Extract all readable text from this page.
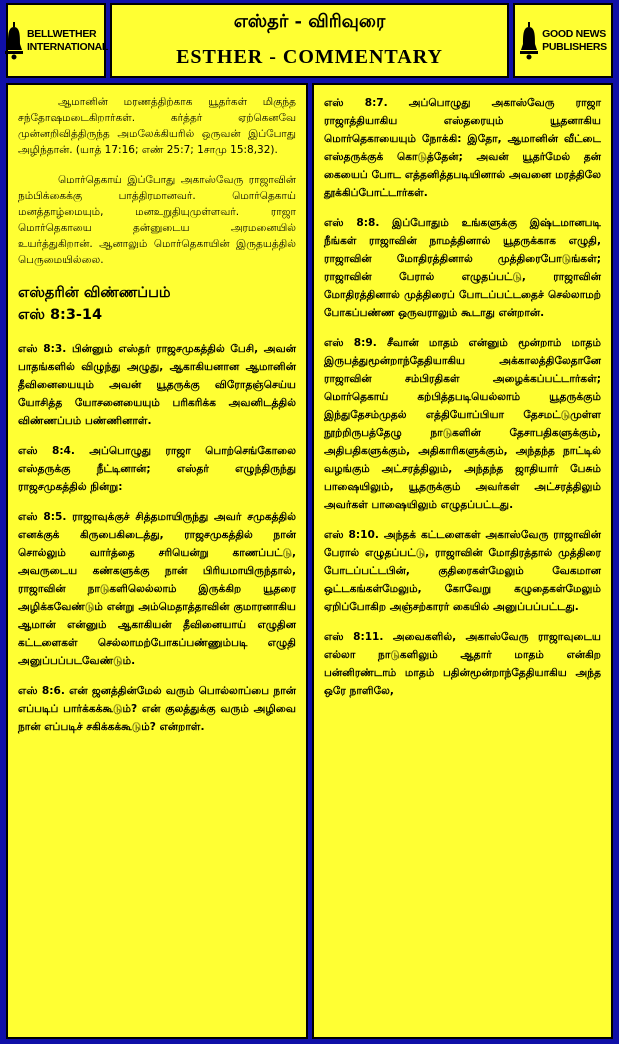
BELLWETHER
INTERNATIONAL
எஸ்தர் - விரிவுரை
ESTHER - COMMENTARY
GOOD NEWS
PUBLISHERS

ஆமானின் மரணத்திற்காக யூதர்கள் மிகுந்த சந்தோஷமடைகிறார்கள். கர்த்தர் ஏற்கெனவே முன்னறிவித்திருந்த அமலேக்கியரில் ஒருவன் இப்போது அழிந்தான். (யாத் 17:16; எண் 25:7; 1சாமு 15:8,32).

மொர்தெகாய் இப்போது அகாஸ்வேரு ராஜாவின் நம்பிக்கைக்கு பாத்திரமானவர். மொர்தெகாய் மனத்தாழ்மையும், மனஉறுதியுமுள்ளவர். ராஜா மொர்தெகாயை தன்னுடைய அரமனையில் உயர்த்துகிறான். ஆனாலும் மொர்தெகாயின் இருதயத்தில் பெருமையில்லை.

எஸ்தரின் விண்ணப்பம்
எஸ் 8:3-14

எஸ் 8:3. பின்னும் எஸ்தர் ராஜசமுகத்தில் பேசி, அவன் பாதங்களில் விழுந்து அழுது, ஆகாகியனான ஆமானின் தீவினையையும் அவன் யூதருக்கு விரோதஞ்செய்ய யோசித்த யோசனையையும் பரிகரிக்க அவனிடத்தில் விண்ணப்பம் பண்ணினாள்.

எஸ் 8:4. அப்பொழுது ராஜா பொற்செங்கோலை எஸ்தருக்கு நீட்டினான்; எஸ்தர் எழுந்திருந்து ராஜசமுகத்தில் நின்று:

எஸ் 8:5. ராஜாவுக்குச் சித்தமாயிருந்து அவர் சமுகத்தில் எனக்குக் கிருபைகிடைத்து, ராஜசமுகத்தில் நான் சொல்லும் வார்த்தை சரியென்று காணப்பட்டு, அவருடைய கண்களுக்கு நான் பிரியமாயிருந்தால், ராஜாவின் நாடுகளிலெல்லாம் இருக்கிற யூதரை அழிக்கவேண்டும் என்று அம்மெதாத்தாவின் குமாரனாகிய ஆமான் என்னும் ஆகாகியன் தீவினையாய் எழுதின கட்டளைகள் செல்லாமற்போகப்பண்ணும்படி எழுதி அனுப்பப்படவேண்டும்.

எஸ் 8:6. என் ஜனத்தின்மேல் வரும் பொல்லாப்பை நான் எப்படிப் பார்க்கக்கூடும்? என் குலத்துக்கு வரும் அழிவை நான் எப்படிச் சகிக்கக்கூடும்? என்றாள்.

எஸ் 8:7. அப்பொழுது அகாஸ்வேரு ராஜா ராஜாத்தியாகிய எஸ்தரையும் யூதனாகிய மொர்தெகாயையும் நோக்கி: இதோ, ஆமானின் வீட்டை எஸ்தருக்குக் கொடுத்தேன்; அவன் யூதர்மேல் தன் கையைப் போட எத்தனித்தபடியினால் அவனை மரத்திலே தூக்கிப்போட்டார்கள்.

எஸ் 8:8. இப்போதும் உங்களுக்கு இஷ்டமானபடி நீங்கள் ராஜாவின் நாமத்தினால் யூதருக்காக எழுதி, ராஜாவின் மோதிரத்தினால் முத்திரைபோடுங்கள்; ராஜாவின் பேரால் எழுதப்பட்டு, ராஜாவின் மோதிரத்தினால் முத்திரைப் போடப்பட்டதைச் செல்லாமற் போகப்பண்ண ஒருவராலும் கூடாது என்றான்.

எஸ் 8:9. சீவான் மாதம் என்னும் மூன்றாம் மாதம் இருபத்துமூன்றாந்தேதியாகிய அக்காலத்திலேதானே ராஜாவின் சம்பிரதிகள் அழைக்கப்பட்டார்கள்; மொர்தெகாய் கற்பித்தபடியெல்லாம் யூதருக்கும் இந்துதேசம்முதல் எத்தியோப்பியா தேசமட்டுமுள்ள நூற்றிருபத்தேழு நாடுகளின் தேசாபதிகளுக்கும், அதிபதிகளுக்கும், அதிகாரிகளுக்கும், அந்தந்த நாட்டில் வழங்கும் அட்சரத்திலும், அந்தந்த ஜாதியார் பேசும் பாஷையிலும், யூதருக்கும் அவர்கள் அட்சரத்திலும் அவர்கள் பாஷையிலும் எழுதப்பட்டது.

எஸ் 8:10. அந்தக் கட்டளைகள் அகாஸ்வேரு ராஜாவின் பேரால் எழுதப்பட்டு, ராஜாவின் மோதிரத்தால் முத்திரை போடப்பட்டபின், குதிரைகள்மேலும் வேகமான ஒட்டகங்கள்மேலும், கோவேறு கழுதைகள்மேலும் ஏறிப்போகிற அஞ்சற்காரர் கையில் அனுப்பப்பட்டது.

எஸ் 8:11. அவைகளில், அகாஸ்வேரு ராஜாவுடைய எல்லா நாடுகளிலும் ஆதார் மாதம் என்கிற பன்னிரண்டாம் மாதம் பதின்மூன்றாந்தேதியாகிய அந்த ஒரே நாளிலே,
